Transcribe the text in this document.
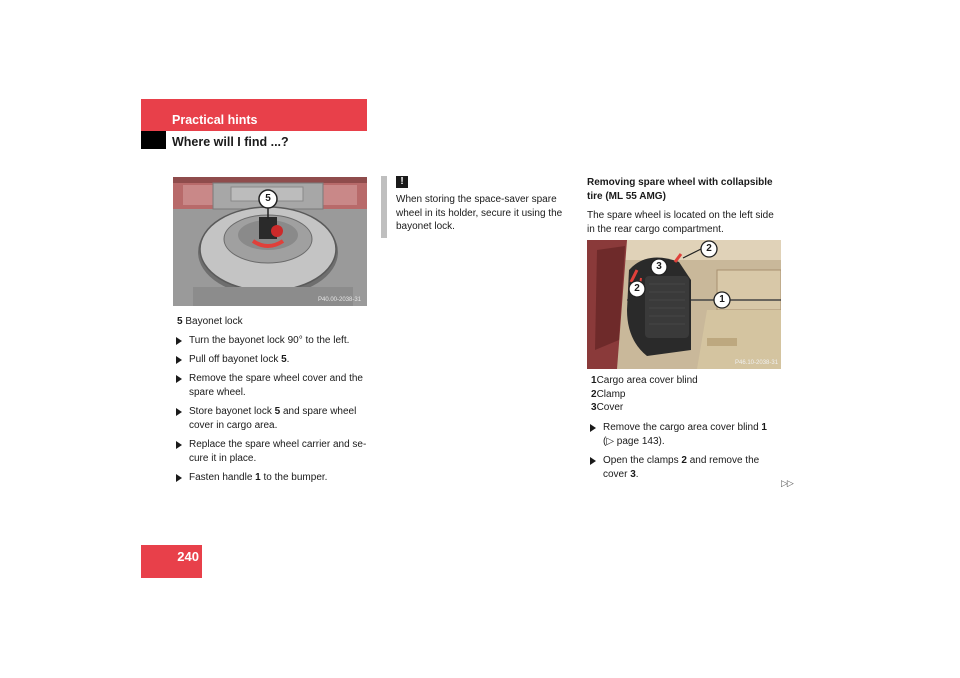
Practical hints
Where will I find ...?
5
P40.00-2038-31
5 Bayonet lock
Turn the bayonet lock 90° to the left.
Pull off bayonet lock 5.
Remove the spare wheel cover and the
spare wheel.
Store bayonet lock 5 and spare wheel
cover in cargo area.
Replace the spare wheel carrier and se-
cure it in place.
Fasten handle 1 to the bumper.
!
When storing the space-saver spare
wheel in its holder, secure it using the
bayonet lock.
Removing spare wheel with collapsible
tire (ML 55 AMG)
The spare wheel is located on the left side
in the rear cargo compartment.
2
3
2
1
P46.10-2038-31
1Cargo area cover blind
2Clamp
3Cover
Remove the cargo area cover blind 1
(▷ page 143).
Open the clamps 2 and remove the
cover 3.
▷▷
240
